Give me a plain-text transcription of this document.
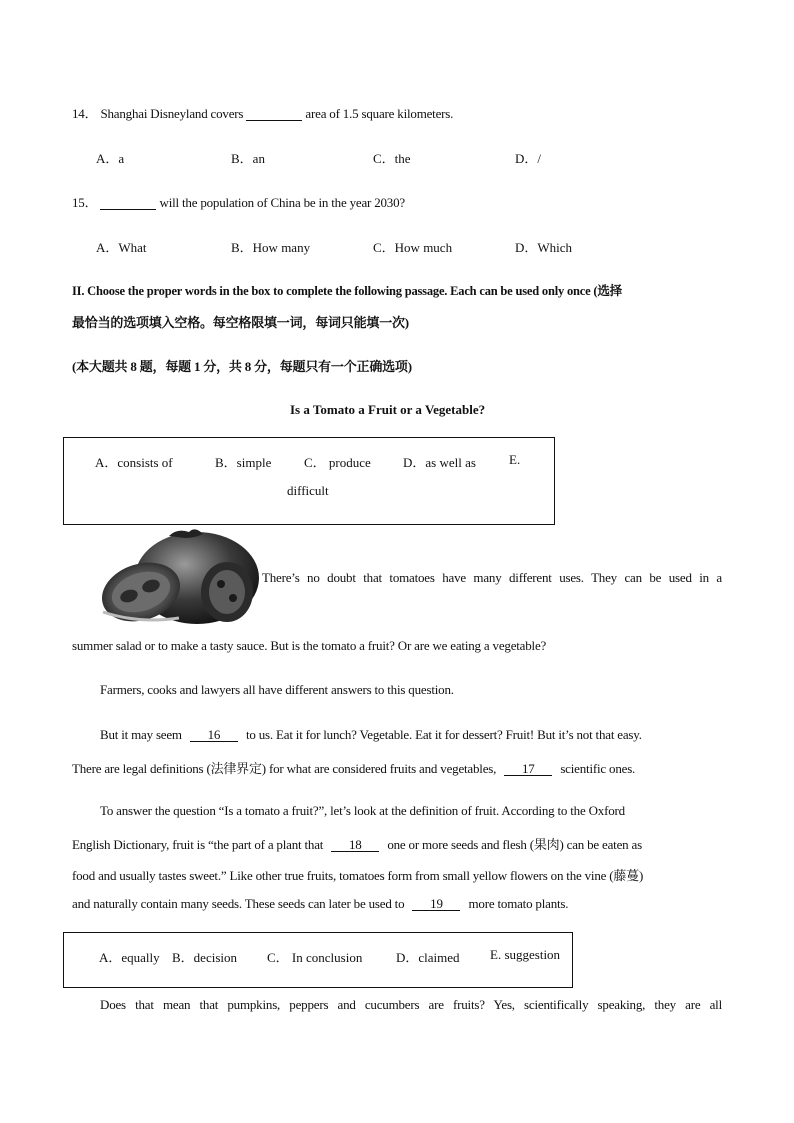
14． Shanghai Disneyland covers	area of 1.5 square kilometers.
A．a	B．an	C．the	D．/
15．	will the population of China be in the year 2030?
A．What	B．How many	C．How much	D．Which
II. Choose the proper words in the box to complete the following passage. Each can be used only once (选择
最恰当的选项填入空格。每空格限填一词，每词只能填一次)
(本大题共 8 题，每题 1 分，共 8 分，每题只有一个正确选项)
Is a Tomato a Fruit or a Vegetable?
A．consists of	B．simple	C． produce D．as well as	E.
difficult
There’s no doubt that tomatoes have many different uses. They can be used in a
summer salad or to make a tasty sauce. But is the tomato a fruit? Or are we eating a vegetable?
Farmers, cooks and lawyers all have different answers to this question.
But it may seem 16 to us. Eat it for lunch? Vegetable. Eat it for dessert? Fruit! But it’s not that easy.
There are legal definitions (法律界定) for what are considered fruits and vegetables, 17 scientific ones.
To answer the question “Is a tomato a fruit?”, let’s look at the definition of fruit. According to the Oxford
English Dictionary, fruit is “the part of a plant that 18 one or more seeds and flesh (果肉) can be eaten as
food and usually tastes sweet.” Like other true fruits, tomatoes form from small yellow flowers on the vine (藤蔓)
and naturally contain many seeds. These seeds can later be used to 19 more tomato plants.
A．equally B．decision C． In conclusion	D．claimed E. suggestion
Does that mean that pumpkins, peppers and cucumbers are fruits? Yes, scientifically speaking, they are all
